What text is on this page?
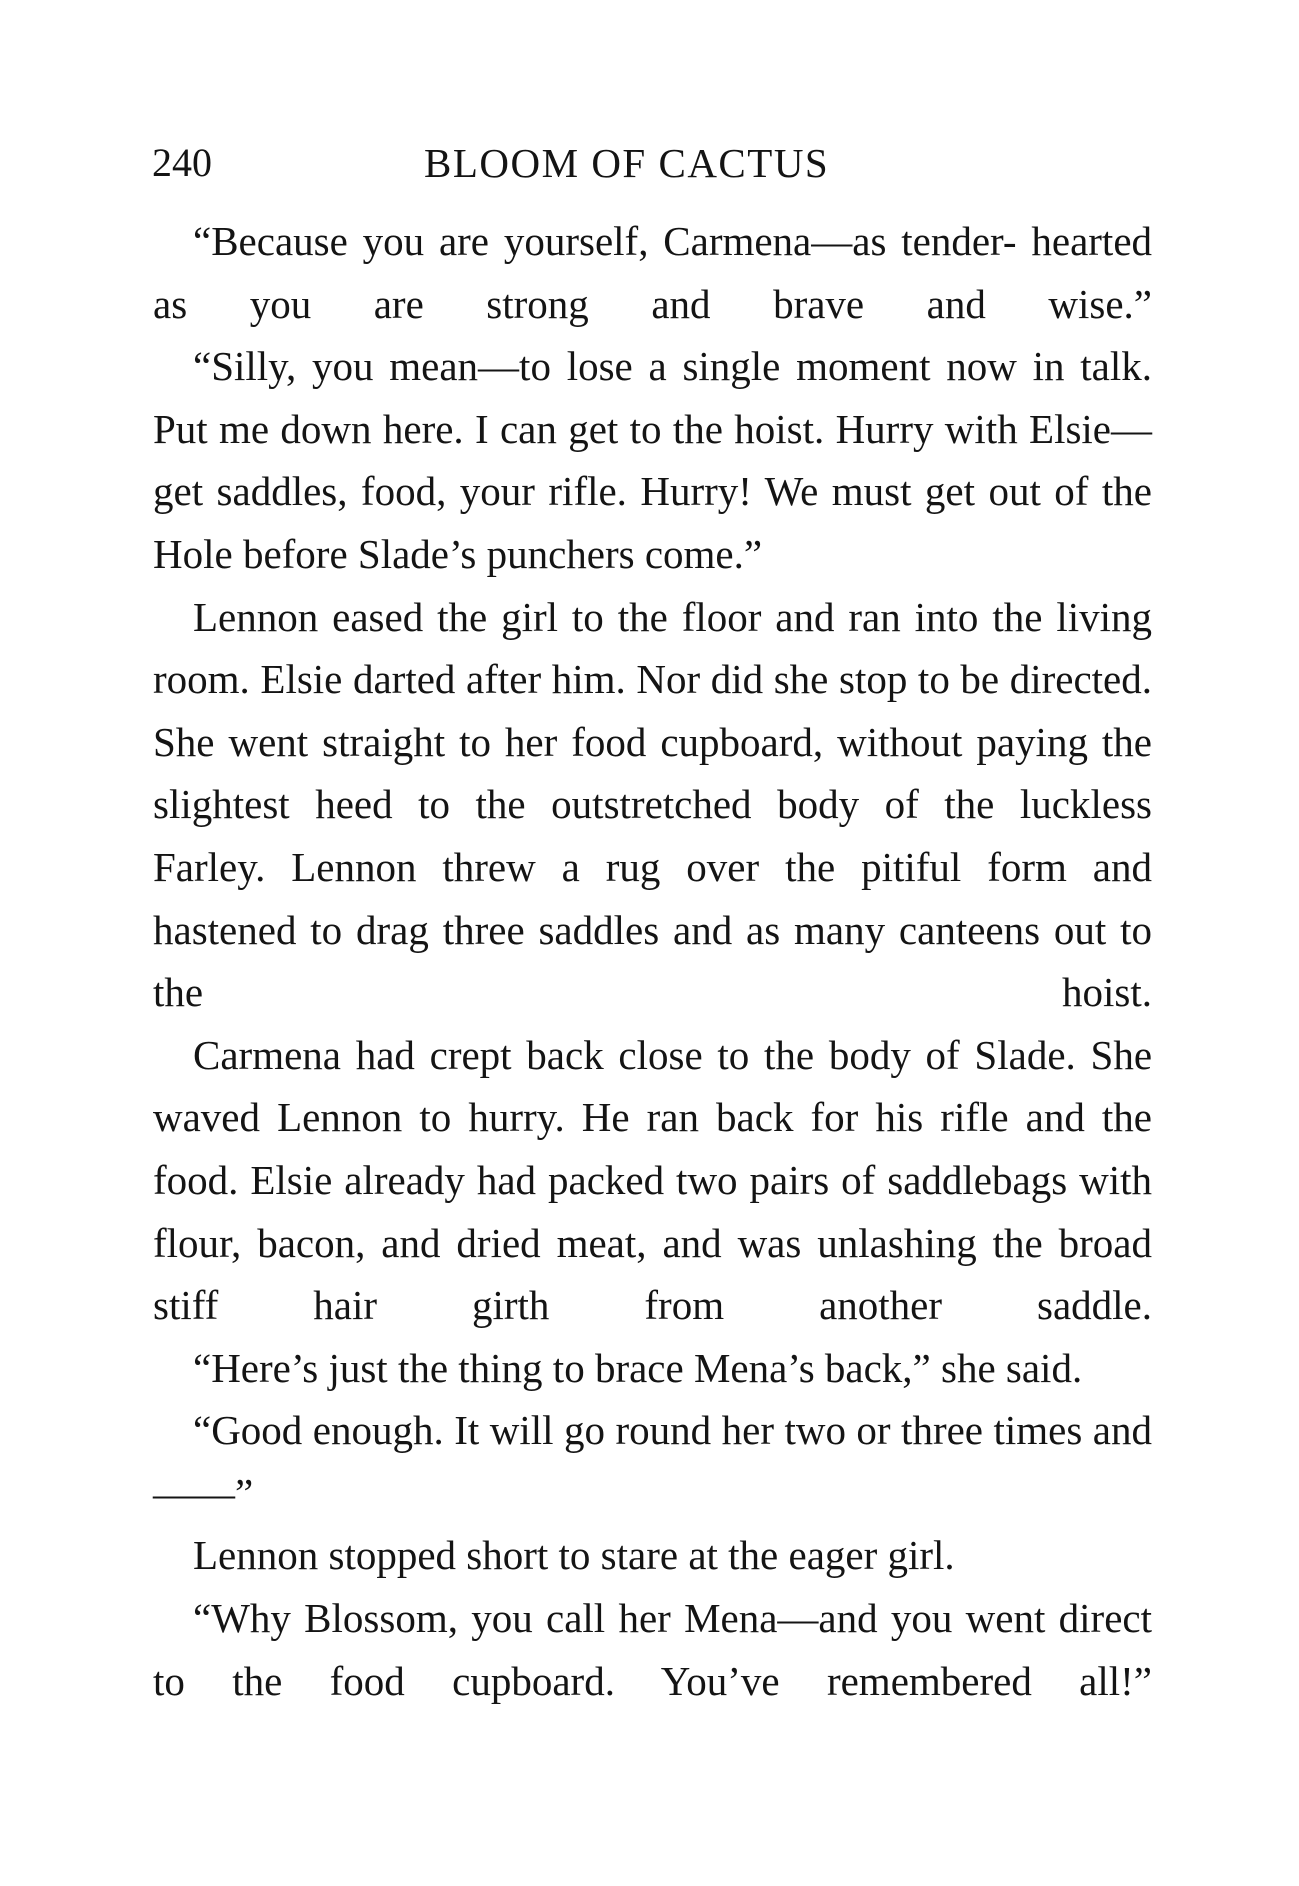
240	BLOOM OF CACTUS

“Because you are yourself, Carmena—as tender- hearted as you are strong and brave and wise.”

“Silly, you mean—to lose a single moment now in talk. Put me down here. I can get to the hoist. Hurry with Elsie—get saddles, food, your rifle. Hurry! We must get out of the Hole before Slade’s punchers come.”

Lennon eased the girl to the floor and ran into the living room. Elsie darted after him. Nor did she stop to be directed. She went straight to her food cupboard, without paying the slightest heed to the outstretched body of the luckless Farley. Lennon threw a rug over the pitiful form and hastened to drag three saddles and as many canteens out to the hoist.

Carmena had crept back close to the body of Slade. She waved Lennon to hurry. He ran back for his rifle and the food. Elsie already had packed two pairs of saddlebags with flour, bacon, and dried meat, and was unlashing the broad stiff hair girth from another saddle.

“Here’s just the thing to brace Mena’s back,” she said.

“Good enough. It will go round her two or three times and——”

Lennon stopped short to stare at the eager girl.

“Why Blossom, you call her Mena—and you went direct to the food cupboard. You’ve remembered all!”
